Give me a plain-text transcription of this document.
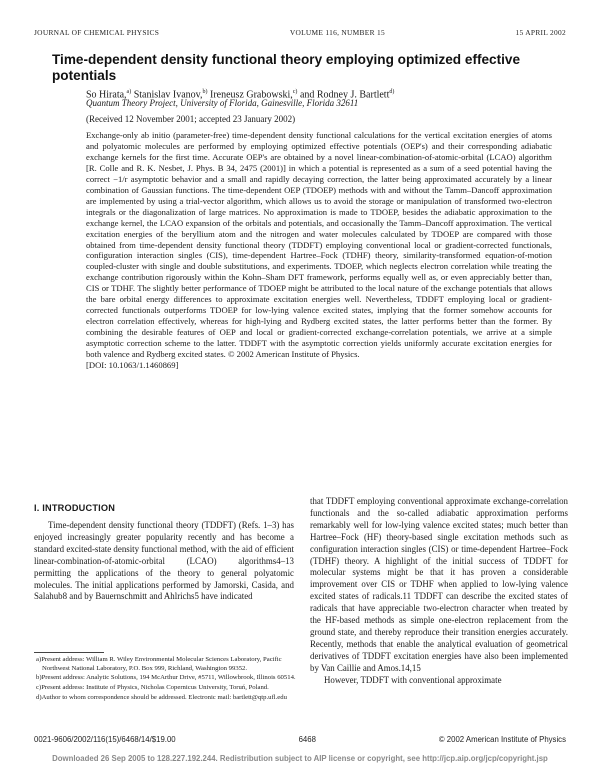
JOURNAL OF CHEMICAL PHYSICS	VOLUME 116, NUMBER 15	15 APRIL 2002
Time-dependent density functional theory employing optimized effective potentials
So Hirata,$^{a)}$ Stanislav Ivanov,$^{b)}$ Ireneusz Grabowski,$^{c)}$ and Rodney J. Bartlett$^{d)}$
Quantum Theory Project, University of Florida, Gainesville, Florida 32611
(Received 12 November 2001; accepted 23 January 2002)
Exchange-only ab initio (parameter-free) time-dependent density functional calculations for the vertical excitation energies of atoms and polyatomic molecules are performed by employing optimized effective potentials (OEP's) and their corresponding adiabatic exchange kernels for the first time. Accurate OEP's are obtained by a novel linear-combination-of-atomic-orbital (LCAO) algorithm [R. Colle and R. K. Nesbet, J. Phys. B 34, 2475 (2001)] in which a potential is represented as a sum of a seed potential having the correct −1/r asymptotic behavior and a small and rapidly decaying correction, the latter being approximated accurately by a linear combination of Gaussian functions. The time-dependent OEP (TDOEP) methods with and without the Tamm–Dancoff approximation are implemented by using a trial-vector algorithm, which allows us to avoid the storage or manipulation of transformed two-electron integrals or the diagonalization of large matrices. No approximation is made to TDOEP, besides the adiabatic approximation to the exchange kernel, the LCAO expansion of the orbitals and potentials, and occasionally the Tamm–Dancoff approximation. The vertical excitation energies of the beryllium atom and the nitrogen and water molecules calculated by TDOEP are compared with those obtained from time-dependent density functional theory (TDDFT) employing conventional local or gradient-corrected functionals, configuration interaction singles (CIS), time-dependent Hartree–Fock (TDHF) theory, similarity-transformed equation-of-motion coupled-cluster with single and double substitutions, and experiments. TDOEP, which neglects electron correlation while treating the exchange contribution rigorously within the Kohn–Sham DFT framework, performs equally well as, or even appreciably better than, CIS or TDHF. The slightly better performance of TDOEP might be attributed to the local nature of the exchange potentials that allows the bare orbital energy differences to approximate excitation energies well. Nevertheless, TDDFT employing local or gradient-corrected functionals outperforms TDOEP for low-lying valence excited states, implying that the former somehow accounts for electron correlation effectively, whereas for high-lying and Rydberg excited states, the latter performs better than the former. By combining the desirable features of OEP and local or gradient-corrected exchange-correlation potentials, we arrive at a simple asymptotic correction scheme to the latter. TDDFT with the asymptotic correction yields uniformly accurate excitation energies for both valence and Rydberg excited states. © 2002 American Institute of Physics.
[DOI: 10.1063/1.1460869]
I. INTRODUCTION

Time-dependent density functional theory (TDDFT) (Refs. 1–3) has enjoyed increasingly greater popularity recently and has become a standard excited-state density functional method, with the aid of efficient linear-combination-of-atomic-orbital (LCAO) algorithms4–13 permitting the applications of the theory to general polyatomic molecules. The initial applications performed by Jamorski, Casida, and Salahub8 and by Bauernschmitt and Ahlrichs5 have indicated

that TDDFT employing conventional approximate exchange-correlation functionals and the so-called adiabatic approximation performs remarkably well for low-lying valence excited states; much better than Hartree–Fock (HF) theory-based single excitation methods such as configuration interaction singles (CIS) or time-dependent Hartree–Fock (TDHF) theory. A highlight of the initial success of TDDFT for molecular systems might be that it has proven a considerable improvement over CIS or TDHF when applied to low-lying valence excited states of radicals.11 TDDFT can describe the excited states of radicals that have appreciable two-electron character when treated by the HF-based methods as simple one-electron replacement from the ground state, and thereby reproduce their transition energies accurately. Recently, methods that enable the analytical evaluation of geometrical derivatives of TDDFT excitation energies have also been implemented by Van Caillie and Amos.14,15

However, TDDFT with conventional approximate

a)Present address: William R. Wiley Environmental Molecular Sciences Laboratory, Pacific Northwest National Laboratory, P.O. Box 999, Richland, Washington 99352.
b)Present address: Analytic Solutions, 194 McArthur Drive, #5711, Willowbrook, Illinois 60514.
c)Present address: Institute of Physics, Nicholas Copernicus University, Toruń, Poland.
d)Author to whom correspondence should be addressed. Electronic mail: bartlett@qtp.ufl.edu
0021-9606/2002/116(15)/6468/14/$19.00	6468	© 2002 American Institute of Physics
Downloaded 26 Sep 2005 to 128.227.192.244. Redistribution subject to AIP license or copyright, see http://jcp.aip.org/jcp/copyright.jsp
